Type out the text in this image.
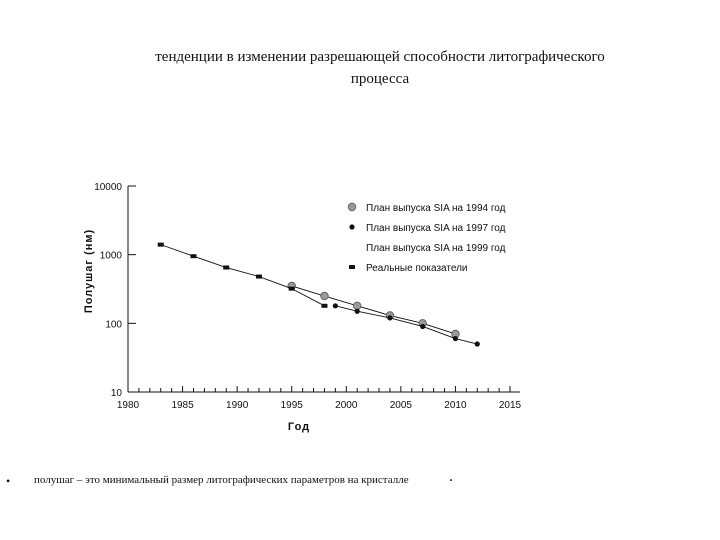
тенденции в изменении разрешающей способности литографического
процесса
10
100
1000
10000
1980	1985	1990	1995	2000	2005	2010	2015
Год
Полушаг (нм)
План выпуска SIA на 1994 год
План выпуска SIA на 1997 год
План выпуска SIA на 1999 год
Реальные показатели
• полушаг – это минимальный размер литографических параметров на кристалле	.
